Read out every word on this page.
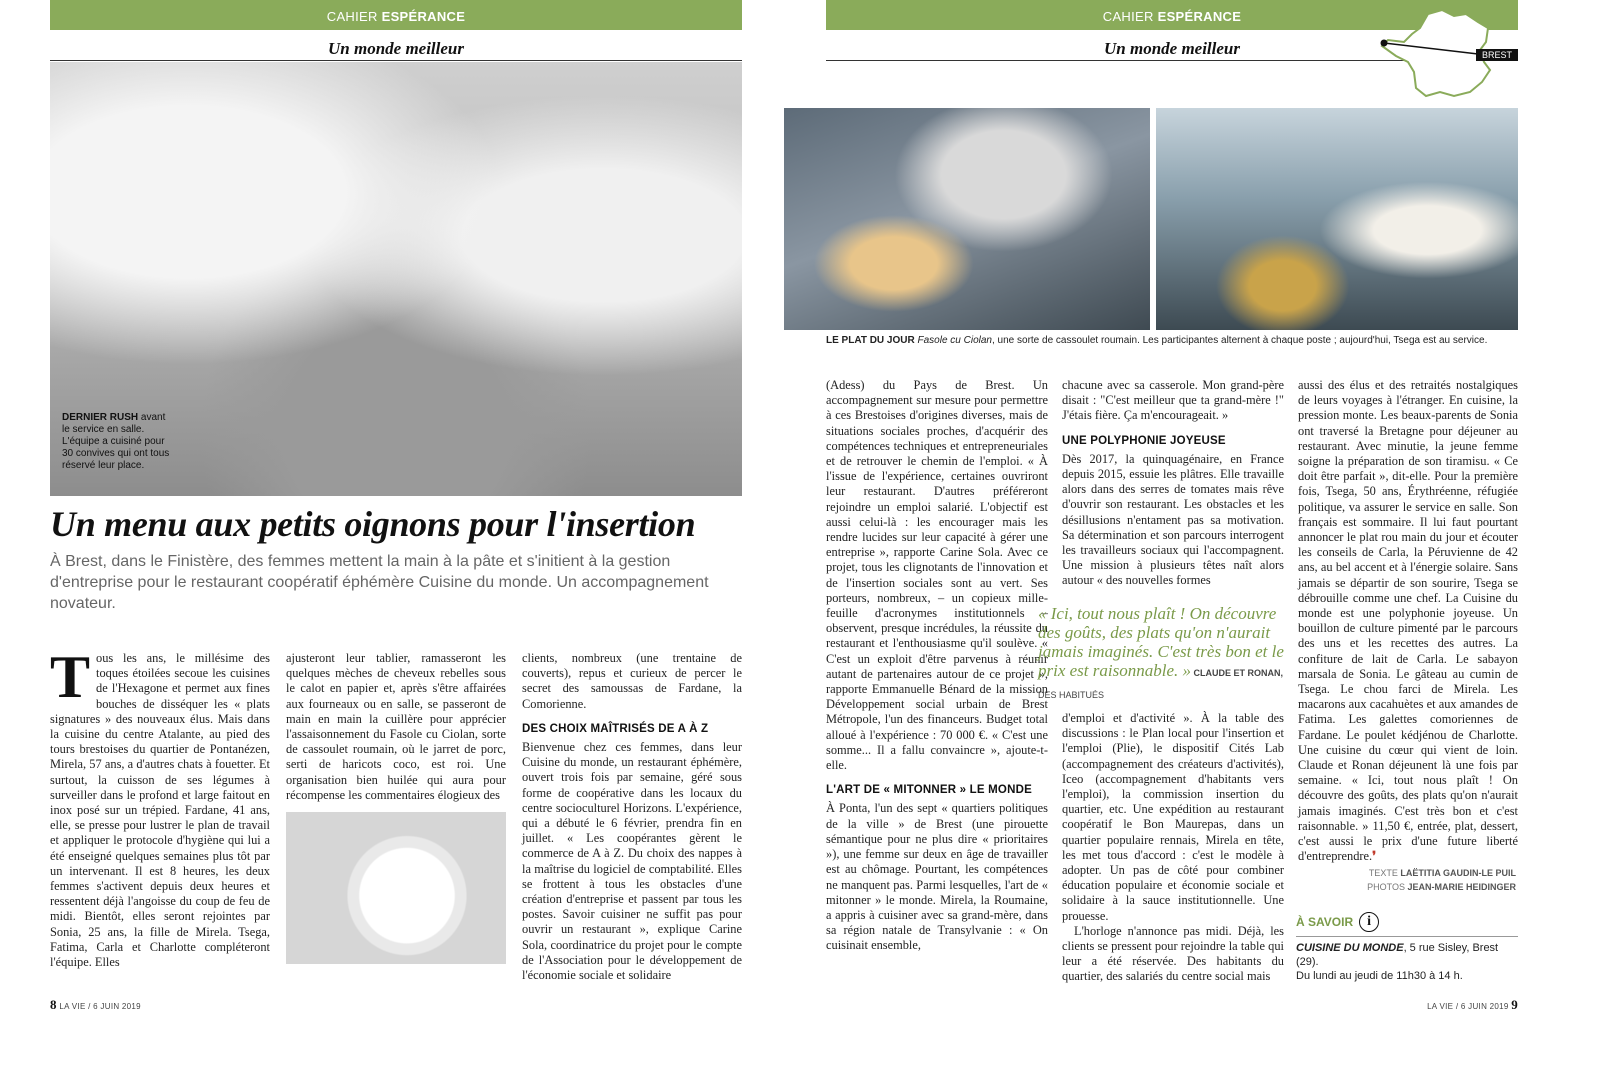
CAHIER ESPÉRANCE
Un monde meilleur
CAHIER ESPÉRANCE
Un monde meilleur	BREST
DERNIER RUSH avant le service en salle. L'équipe a cuisiné pour 30 convives qui ont tous réservé leur place.
LE PLAT DU JOUR Fasole cu Ciolan, une sorte de cassoulet roumain. Les participantes alternent à chaque poste ; aujourd'hui, Tsega est au service.
Un menu aux petits oignons pour l'insertion
À Brest, dans le Finistère, des femmes mettent la main à la pâte et s'initient à la gestion d'entreprise pour le restaurant coopératif éphémère Cuisine du monde. Un accompagnement novateur.

Tous les ans, le millésime des toques étoilées secoue les cuisines de l'Hexagone et permet aux fines bouches de disséquer les « plats signatures » des nouveaux élus. Mais dans la cuisine du centre Atalante, au pied des tours brestoises du quartier de Pontanézen, Mirela, 57 ans, a d'autres chats à fouetter. Et surtout, la cuisson de ses légumes à surveiller dans le profond et large faitout en inox posé sur un trépied. Fardane, 41 ans, elle, se presse pour lustrer le plan de travail et appliquer le protocole d'hygiène qui lui a été enseigné quelques semaines plus tôt par un intervenant. Il est 8 heures, les deux femmes s'activent depuis deux heures et ressentent déjà l'angoisse du coup de feu de midi. Bientôt, elles seront rejointes par Sonia, 25 ans, la fille de Mirela. Tsega, Fatima, Carla et Charlotte compléteront l'équipe. Elles

ajusteront leur tablier, ramasseront les quelques mèches de cheveux rebelles sous le calot en papier et, après s'être affairées aux fourneaux ou en salle, se passeront de main en main la cuillère pour apprécier l'assaisonnement du Fasole cu Ciolan, sorte de cassoulet roumain, où le jarret de porc, serti de haricots coco, est roi. Une organisation bien huilée qui aura pour récompense les commentaires élogieux des

clients, nombreux (une trentaine de couverts), repus et curieux de percer le secret des samoussas de Fardane, la Comorienne.

DES CHOIX MAÎTRISÉS DE A À Z

Bienvenue chez ces femmes, dans leur Cuisine du monde, un restaurant éphémère, ouvert trois fois par semaine, géré sous forme de coopérative dans les locaux du centre socioculturel Horizons. L'expérience, qui a débuté le 6 février, prendra fin en juillet. « Les coopérantes gèrent le commerce de A à Z. Du choix des nappes à la maîtrise du logiciel de comptabilité. Elles se frottent à tous les obstacles d'une création d'entreprise et passent par tous les postes. Savoir cuisiner ne suffit pas pour ouvrir un restaurant », explique Carine Sola, coordinatrice du projet pour le compte de l'Association pour le développement de l'économie sociale et solidaire

(Adess) du Pays de Brest. Un accompagnement sur mesure pour permettre à ces Brestoises d'origines diverses, mais de situations sociales proches, d'acquérir des compétences techniques et entrepreneuriales et de retrouver le chemin de l'emploi. « À l'issue de l'expérience, certaines ouvriront leur restaurant. D'autres préféreront rejoindre un emploi salarié. L'objectif est aussi celui-là : les encourager mais les rendre lucides sur leur capacité à gérer une entreprise », rapporte Carine Sola. Avec ce projet, tous les clignotants de l'innovation et de l'insertion sociales sont au vert. Ses porteurs, nombreux, – un copieux mille-feuille d'acronymes institutionnels – observent, presque incrédules, la réussite du restaurant et l'enthousiasme qu'il soulève. « C'est un exploit d'être parvenus à réunir autant de partenaires autour de ce projet », rapporte Emmanuelle Bénard de la mission Développement social urbain de Brest Métropole, l'un des financeurs. Budget total alloué à l'expérience : 70 000 €. « C'est une somme... Il a fallu convaincre », ajoute-t-elle.

L'ART DE « MITONNER » LE MONDE

À Ponta, l'un des sept « quartiers politiques de la ville » de Brest (une pirouette sémantique pour ne plus dire « prioritaires »), une femme sur deux en âge de travailler est au chômage. Pourtant, les compétences ne manquent pas. Parmi lesquelles, l'art de « mitonner » le monde. Mirela, la Roumaine, a appris à cuisiner avec sa grand-mère, dans sa région natale de Transylvanie : « On cuisinait ensemble,

chacune avec sa casserole. Mon grand-père disait : "C'est meilleur que ta grand-mère !" J'étais fière. Ça m'encourageait. »

UNE POLYPHONIE JOYEUSE

Dès 2017, la quinquagénaire, en France depuis 2015, essuie les plâtres. Elle travaille alors dans des serres de tomates mais rêve d'ouvrir son restaurant. Les obstacles et les désillusions n'entament pas sa motivation. Sa détermination et son parcours interrogent les travailleurs sociaux qui l'accompagnent. Une mission à plusieurs têtes naît alors autour « des nouvelles formes

« Ici, tout nous plaît ! On découvre des goûts, des plats qu'on n'aurait jamais imaginés. C'est très bon et le prix est raisonnable. » CLAUDE ET RONAN, DES HABITUÉS

d'emploi et d'activité ». À la table des discussions : le Plan local pour l'insertion et l'emploi (Plie), le dispositif Cités Lab (accompagnement des créateurs d'activités), Iceo (accompagnement d'habitants vers l'emploi), la commission insertion du quartier, etc. Une expédition au restaurant coopératif le Bon Maurepas, dans un quartier populaire rennais, Mirela en tête, les met tous d'accord : c'est le modèle à adopter. Un pas de côté pour combiner éducation populaire et économie sociale et solidaire à la sauce institutionnelle. Une prouesse.

L'horloge n'annonce pas midi. Déjà, les clients se pressent pour rejoindre la table qui leur a été réservée. Des habitants du quartier, des salariés du centre social mais

aussi des élus et des retraités nostalgiques de leurs voyages à l'étranger. En cuisine, la pression monte. Les beaux-parents de Sonia ont traversé la Bretagne pour déjeuner au restaurant. Avec minutie, la jeune femme soigne la préparation de son tiramisu. « Ce doit être parfait », dit-elle. Pour la première fois, Tsega, 50 ans, Érythréenne, réfugiée politique, va assurer le service en salle. Son français est sommaire. Il lui faut pourtant annoncer le plat rou main du jour et écouter les conseils de Carla, la Péruvienne de 42 ans, au bel accent et à l'énergie solaire. Sans jamais se départir de son sourire, Tsega se débrouille comme une chef. La Cuisine du monde est une polyphonie joyeuse. Un bouillon de culture pimenté par le parcours des uns et les recettes des autres. La confiture de lait de Carla. Le sabayon marsala de Sonia. Le gâteau au cumin de Tsega. Le chou farci de Mirela. Les macarons aux cacahuètes et aux amandes de Fatima. Les galettes comoriennes de Fardane. Le poulet kédjénou de Charlotte. Une cuisine du cœur qui vient de loin. Claude et Ronan déjeunent là une fois par semaine. « Ici, tout nous plaît ! On découvre des goûts, des plats qu'on n'aurait jamais imaginés. C'est très bon et c'est raisonnable. » 11,50 €, entrée, plat, dessert, c'est aussi le prix d'une future liberté d'entreprendre.❜

TEXTE LAËTITIA GAUDIN-LE PUIL
PHOTOS JEAN-MARIE HEIDINGER
À SAVOIR	i
CUISINE DU MONDE, 5 rue Sisley, Brest (29).
Du lundi au jeudi de 11h30 à 14 h.
8 LA VIE / 6 JUIN 2019	LA VIE / 6 JUIN 2019 9
